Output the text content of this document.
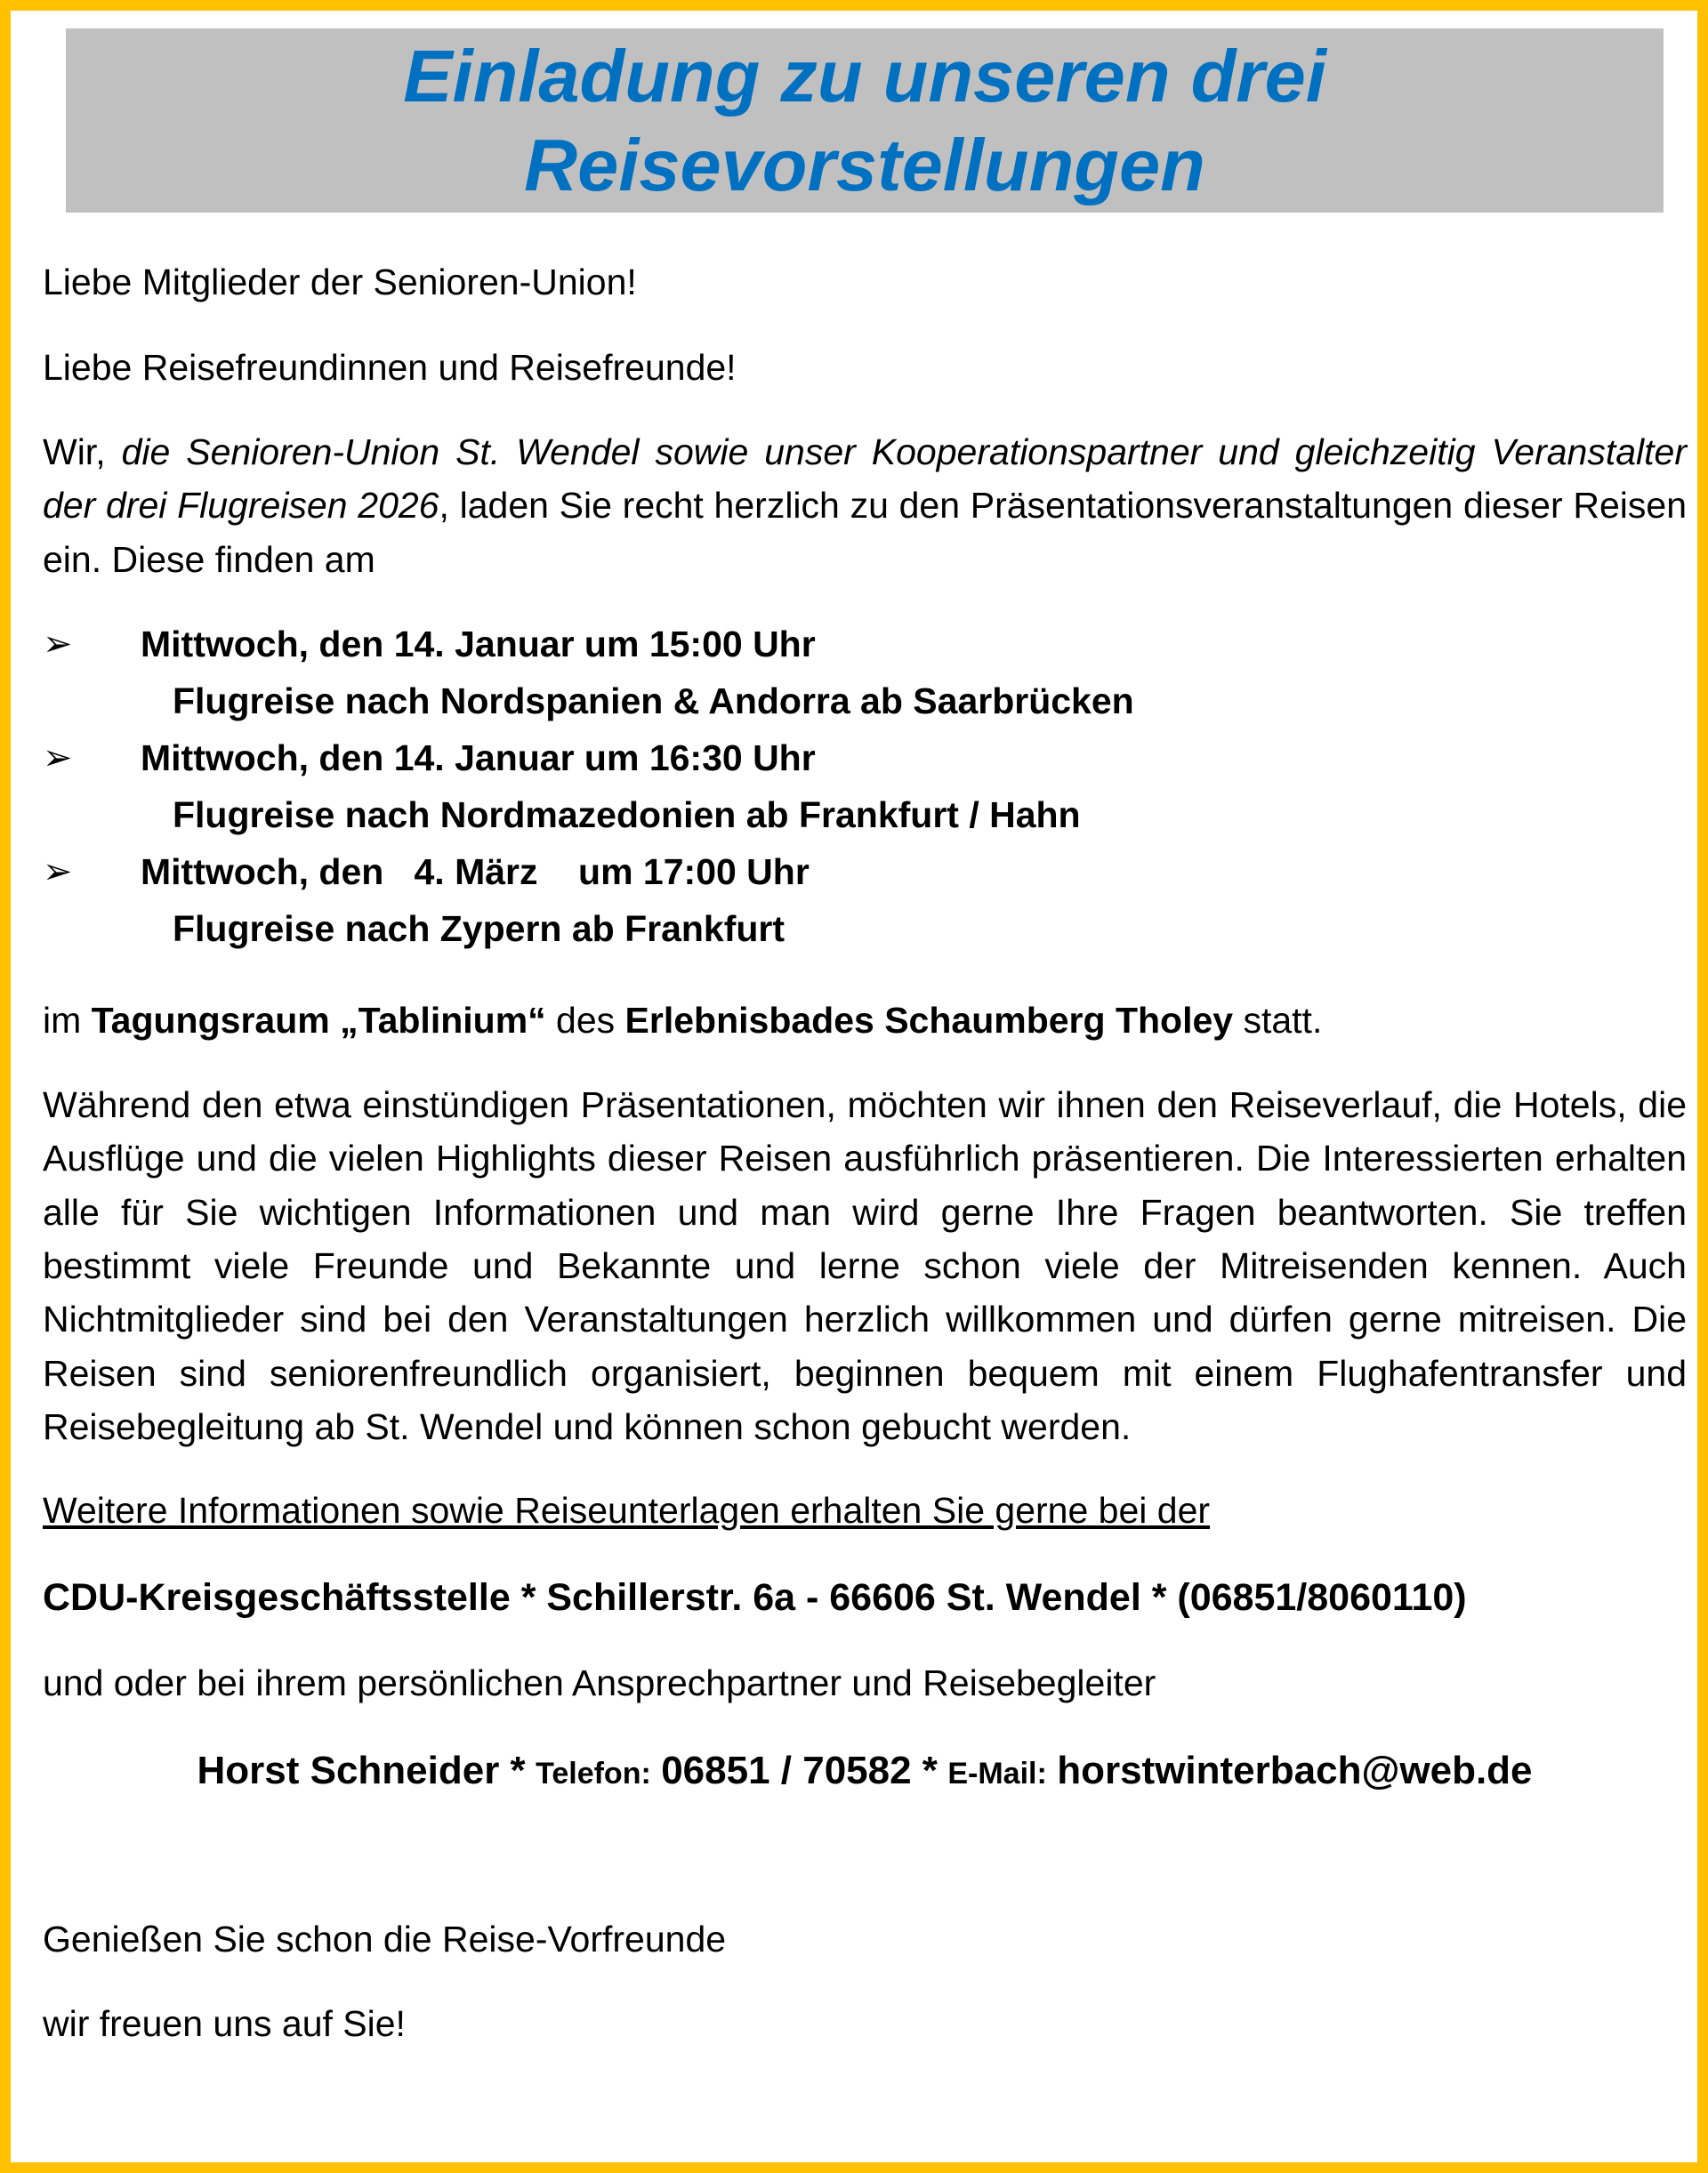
Einladung zu unseren drei Reisevorstellungen

Liebe Mitglieder der Senioren-Union!

Liebe Reisefreundinnen und Reisefreunde!

Wir, die Senioren-Union St. Wendel sowie unser Kooperationspartner und gleichzeitig Veranstalter der drei Flugreisen 2026, laden Sie recht herzlich zu den Präsentationsveranstaltungen dieser Reisen ein. Diese finden am

➢ Mittwoch, den 14. Januar um 15:00 Uhr
Flugreise nach Nordspanien & Andorra ab Saarbrücken
➢ Mittwoch, den 14. Januar um 16:30 Uhr
Flugreise nach Nordmazedonien ab Frankfurt / Hahn
➢ Mittwoch, den   4. März    um 17:00 Uhr
Flugreise nach Zypern ab Frankfurt

im Tagungsraum „Tablinium“ des Erlebnisbades Schaumberg Tholey statt.

Während den etwa einstündigen Präsentationen, möchten wir ihnen den Reiseverlauf, die Hotels, die Ausflüge und die vielen Highlights dieser Reisen ausführlich präsentieren. Die Interessierten erhalten alle für Sie wichtigen Informationen und man wird gerne Ihre Fragen beantworten. Sie treffen bestimmt viele Freunde und Bekannte und lerne schon viele der Mitreisenden kennen. Auch Nichtmitglieder sind bei den Veranstaltungen herzlich willkommen und dürfen gerne mitreisen. Die Reisen sind seniorenfreundlich organisiert, beginnen bequem mit einem Flughafentransfer und Reisebegleitung ab St. Wendel und können schon gebucht werden.

Weitere Informationen sowie Reiseunterlagen erhalten Sie gerne bei der

CDU-Kreisgeschäftsstelle * Schillerstr. 6a - 66606 St. Wendel * (06851/8060110)

und oder bei ihrem persönlichen Ansprechpartner und Reisebegleiter

Horst Schneider * Telefon: 06851 / 70582 * E-Mail: horstwinterbach@web.de

Genießen Sie schon die Reise-Vorfreunde

wir freuen uns auf Sie!
